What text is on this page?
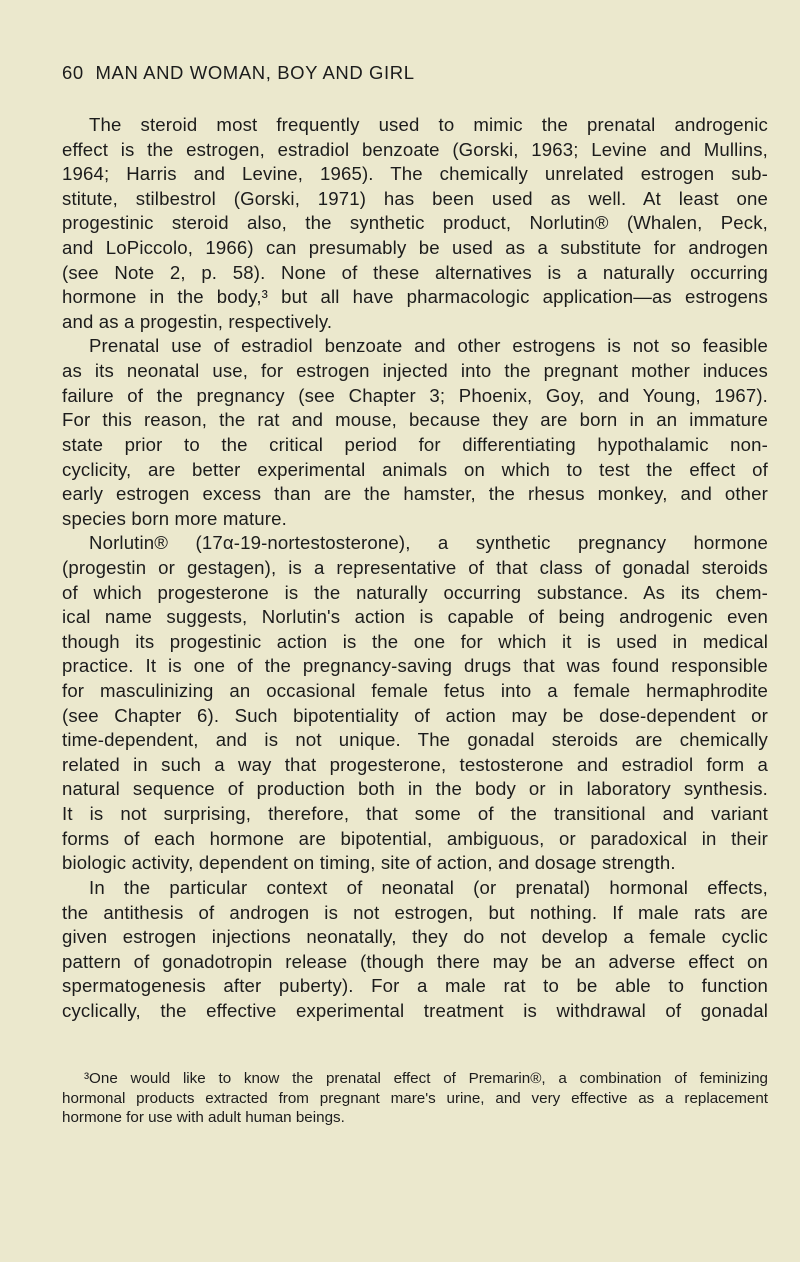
60 MAN AND WOMAN, BOY AND GIRL
The steroid most frequently used to mimic the prenatal androgenic
effect is the estrogen, estradiol benzoate (Gorski, 1963; Levine and Mullins,
1964; Harris and Levine, 1965). The chemically unrelated estrogen sub-
stitute, stilbestrol (Gorski, 1971) has been used as well. At least one
progestinic steroid also, the synthetic product, Norlutin® (Whalen, Peck,
and LoPiccolo, 1966) can presumably be used as a substitute for androgen
(see Note 2, p. 58). None of these alternatives is a naturally occurring
hormone in the body,³ but all have pharmacologic application—as estrogens
and as a progestin, respectively.
Prenatal use of estradiol benzoate and other estrogens is not so feasible
as its neonatal use, for estrogen injected into the pregnant mother induces
failure of the pregnancy (see Chapter 3; Phoenix, Goy, and Young, 1967).
For this reason, the rat and mouse, because they are born in an immature
state prior to the critical period for differentiating hypothalamic non-
cyclicity, are better experimental animals on which to test the effect of
early estrogen excess than are the hamster, the rhesus monkey, and other
species born more mature.
Norlutin® (17α-19-nortestosterone), a synthetic pregnancy hormone
(progestin or gestagen), is a representative of that class of gonadal steroids
of which progesterone is the naturally occurring substance. As its chem-
ical name suggests, Norlutin's action is capable of being androgenic even
though its progestinic action is the one for which it is used in medical
practice. It is one of the pregnancy-saving drugs that was found responsible
for masculinizing an occasional female fetus into a female hermaphrodite
(see Chapter 6). Such bipotentiality of action may be dose-dependent or
time-dependent, and is not unique. The gonadal steroids are chemically
related in such a way that progesterone, testosterone and estradiol form a
natural sequence of production both in the body or in laboratory synthesis.
It is not surprising, therefore, that some of the transitional and variant
forms of each hormone are bipotential, ambiguous, or paradoxical in their
biologic activity, dependent on timing, site of action, and dosage strength.
In the particular context of neonatal (or prenatal) hormonal effects,
the antithesis of androgen is not estrogen, but nothing. If male rats are
given estrogen injections neonatally, they do not develop a female cyclic
pattern of gonadotropin release (though there may be an adverse effect on
spermatogenesis after puberty). For a male rat to be able to function
cyclically, the effective experimental treatment is withdrawal of gonadal
³One would like to know the prenatal effect of Premarin®, a combination of feminizing
hormonal products extracted from pregnant mare's urine, and very effective as a replacement
hormone for use with adult human beings.
